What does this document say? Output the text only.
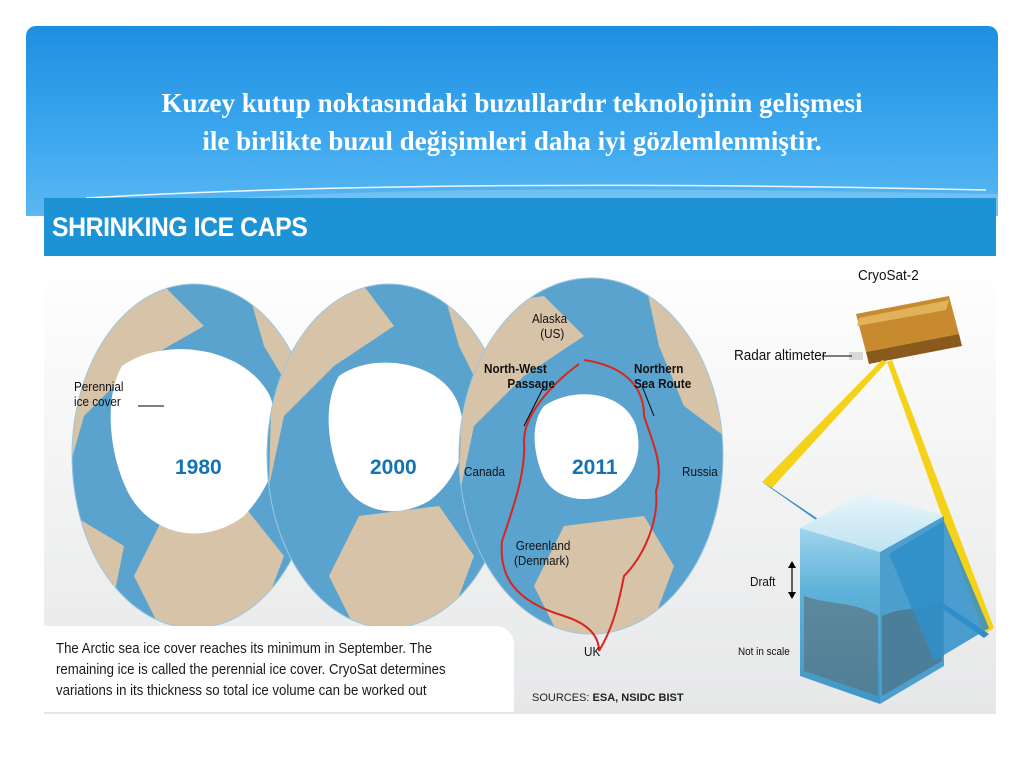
Kuzey kutup noktasındaki buzullardır teknolojinin gelişmesi
ile birlikte buzul değişimleri daha iyi gözlemlenmiştir.
SHRINKING ICE CAPS
1980	2000	2011
Perennial
ice cover
Alaska
(US)
North-West
Passage
Northern
Sea Route
Canada	Russia
Greenland
(Denmark)
UK
CryoSat-2
Radar altimeter
Draft
Not in scale
The Arctic sea ice cover reaches its minimum in September. The
remaining ice is called the perennial ice cover. CryoSat determines
variations in its thickness so total ice volume can be worked out	SOURCES: ESA, NSIDC BIST
